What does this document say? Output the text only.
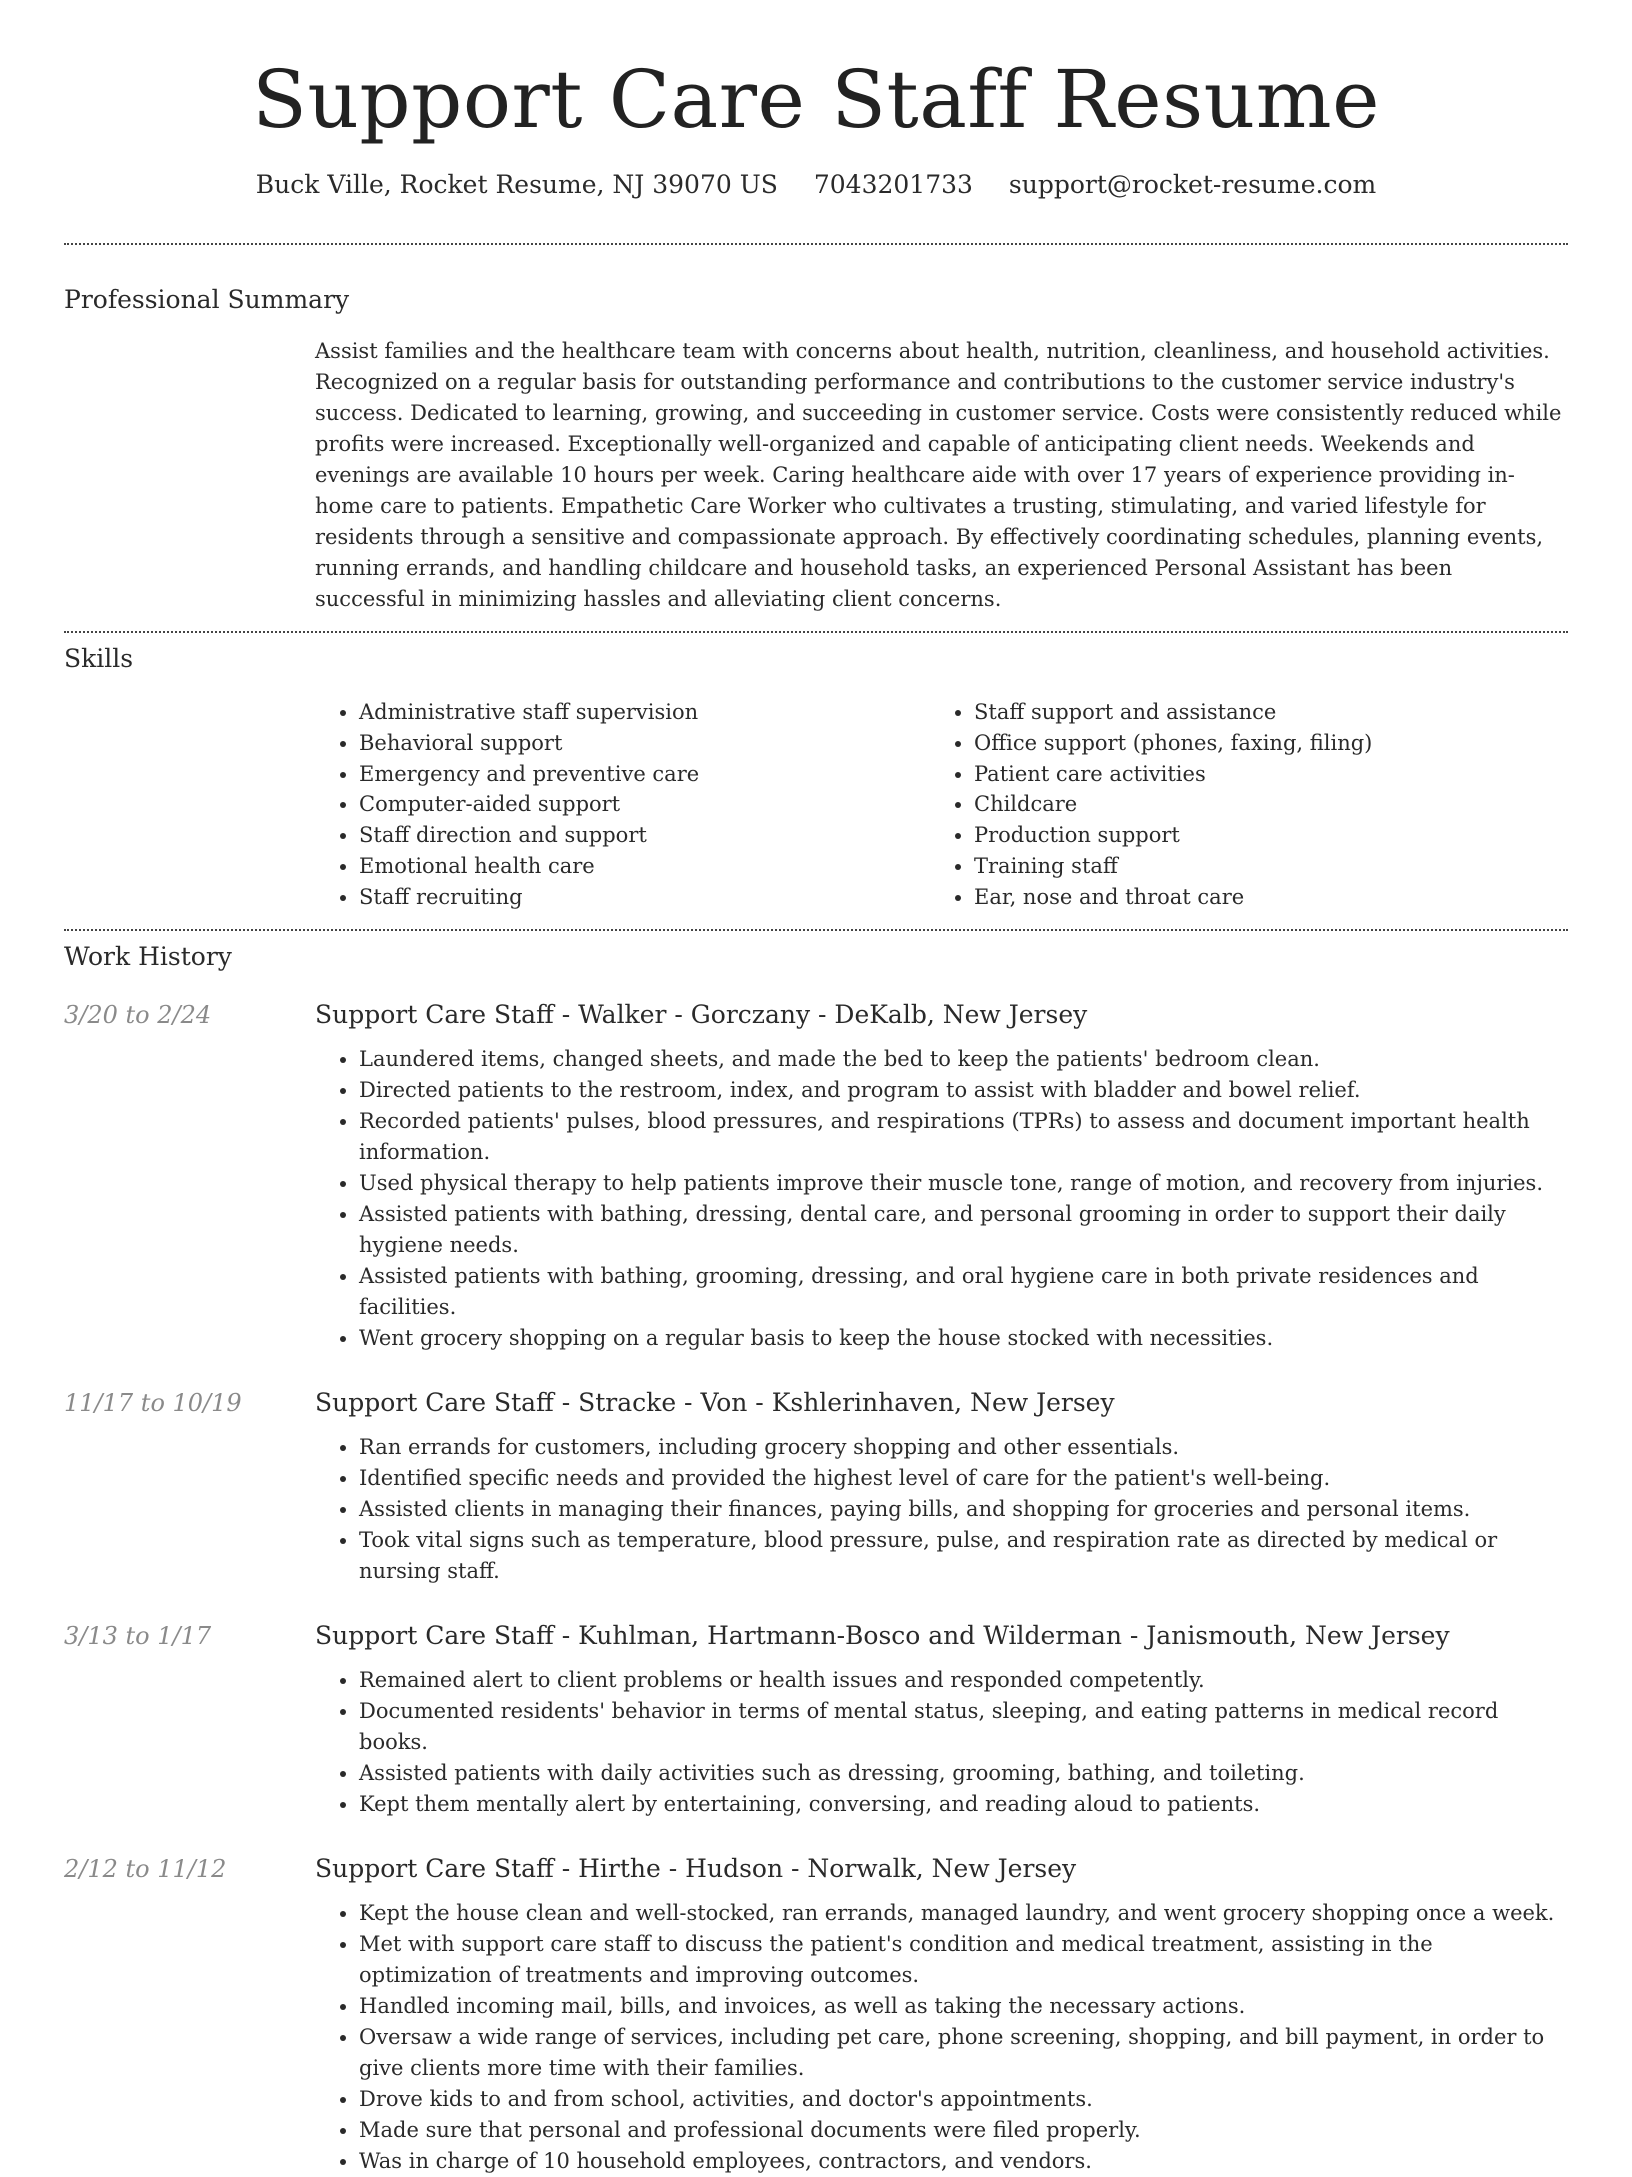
Support Care Staff Resume
Buck Ville, Rocket Resume, NJ 39070 US 7043201733 support@rocket-resume.com
Professional Summary
Assist families and the healthcare team with concerns about health, nutrition, cleanliness, and household activities. Recognized on a regular basis for outstanding performance and contributions to the customer service industry's success. Dedicated to learning, growing, and succeeding in customer service. Costs were consistently reduced while profits were increased. Exceptionally well-organized and capable of anticipating client needs. Weekends and evenings are available 10 hours per week. Caring healthcare aide with over 17 years of experience providing in-home care to patients. Empathetic Care Worker who cultivates a trusting, stimulating, and varied lifestyle for residents through a sensitive and compassionate approach. By effectively coordinating schedules, planning events, running errands, and handling childcare and household tasks, an experienced Personal Assistant has been successful in minimizing hassles and alleviating client concerns.
Skills
• Administrative staff supervision
• Behavioral support
• Emergency and preventive care
• Computer-aided support
• Staff direction and support
• Emotional health care
• Staff recruiting
• Staff support and assistance
• Office support (phones, faxing, filing)
• Patient care activities
• Childcare
• Production support
• Training staff
• Ear, nose and throat care
Work History
3/20 to 2/24	Support Care Staff - Walker - Gorczany - DeKalb, New Jersey
• Laundered items, changed sheets, and made the bed to keep the patients' bedroom clean.
• Directed patients to the restroom, index, and program to assist with bladder and bowel relief.
• Recorded patients' pulses, blood pressures, and respirations (TPRs) to assess and document important health information.
• Used physical therapy to help patients improve their muscle tone, range of motion, and recovery from injuries.
• Assisted patients with bathing, dressing, dental care, and personal grooming in order to support their daily hygiene needs.
• Assisted patients with bathing, grooming, dressing, and oral hygiene care in both private residences and facilities.
• Went grocery shopping on a regular basis to keep the house stocked with necessities.
11/17 to 10/19	Support Care Staff - Stracke - Von - Kshlerinhaven, New Jersey
• Ran errands for customers, including grocery shopping and other essentials.
• Identified specific needs and provided the highest level of care for the patient's well-being.
• Assisted clients in managing their finances, paying bills, and shopping for groceries and personal items.
• Took vital signs such as temperature, blood pressure, pulse, and respiration rate as directed by medical or nursing staff.
3/13 to 1/17	Support Care Staff - Kuhlman, Hartmann-Bosco and Wilderman - Janismouth, New Jersey
• Remained alert to client problems or health issues and responded competently.
• Documented residents' behavior in terms of mental status, sleeping, and eating patterns in medical record books.
• Assisted patients with daily activities such as dressing, grooming, bathing, and toileting.
• Kept them mentally alert by entertaining, conversing, and reading aloud to patients.
2/12 to 11/12	Support Care Staff - Hirthe - Hudson - Norwalk, New Jersey
• Kept the house clean and well-stocked, ran errands, managed laundry, and went grocery shopping once a week.
• Met with support care staff to discuss the patient's condition and medical treatment, assisting in the optimization of treatments and improving outcomes.
• Handled incoming mail, bills, and invoices, as well as taking the necessary actions.
• Oversaw a wide range of services, including pet care, phone screening, shopping, and bill payment, in order to give clients more time with their families.
• Drove kids to and from school, activities, and doctor's appointments.
• Made sure that personal and professional documents were filed properly.
• Was in charge of 10 household employees, contractors, and vendors.
